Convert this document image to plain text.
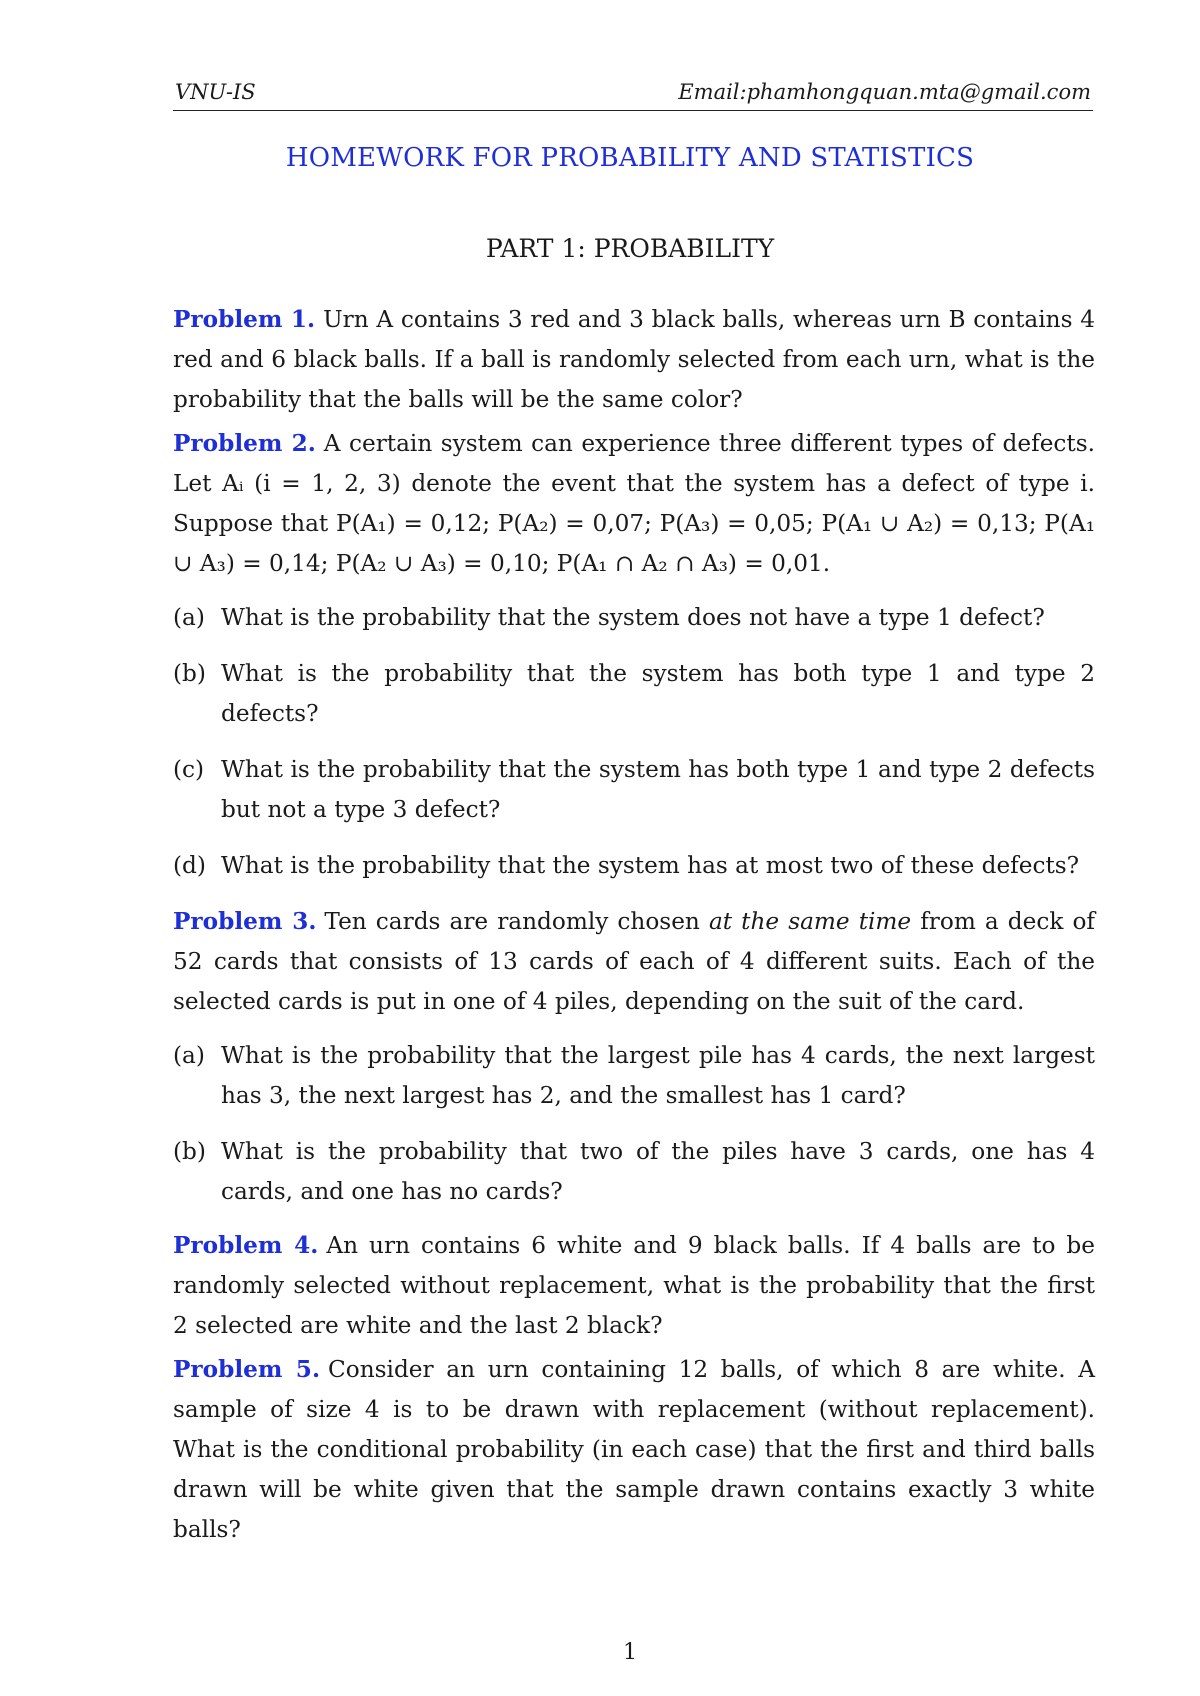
VNU-IS	Email:phamhongquan.mta@gmail.com
HOMEWORK FOR PROBABILITY AND STATISTICS
PART 1: PROBABILITY

Problem 1. Urn A contains 3 red and 3 black balls, whereas urn B contains 4 red and 6 black balls. If a ball is randomly selected from each urn, what is the probability that the balls will be the same color?

Problem 2. A certain system can experience three different types of defects. Let Aᵢ (i = 1, 2, 3) denote the event that the system has a defect of type i. Suppose that P(A₁) = 0,12; P(A₂) = 0,07; P(A₃) = 0,05; P(A₁ ∪ A₂) = 0,13; P(A₁ ∪ A₃) = 0,14; P(A₂ ∪ A₃) = 0,10; P(A₁ ∩ A₂ ∩ A₃) = 0,01.

(a) What is the probability that the system does not have a type 1 defect?
(b) What is the probability that the system has both type 1 and type 2 defects?
(c) What is the probability that the system has both type 1 and type 2 defects but not a type 3 defect?
(d) What is the probability that the system has at most two of these defects?

Problem 3. Ten cards are randomly chosen at the same time from a deck of 52 cards that consists of 13 cards of each of 4 different suits. Each of the selected cards is put in one of 4 piles, depending on the suit of the card.

(a) What is the probability that the largest pile has 4 cards, the next largest has 3, the next largest has 2, and the smallest has 1 card?
(b) What is the probability that two of the piles have 3 cards, one has 4 cards, and one has no cards?

Problem 4. An urn contains 6 white and 9 black balls. If 4 balls are to be randomly selected without replacement, what is the probability that the first 2 selected are white and the last 2 black?

Problem 5. Consider an urn containing 12 balls, of which 8 are white. A sample of size 4 is to be drawn with replacement (without replacement). What is the conditional probability (in each case) that the first and third balls drawn will be white given that the sample drawn contains exactly 3 white balls?

1
